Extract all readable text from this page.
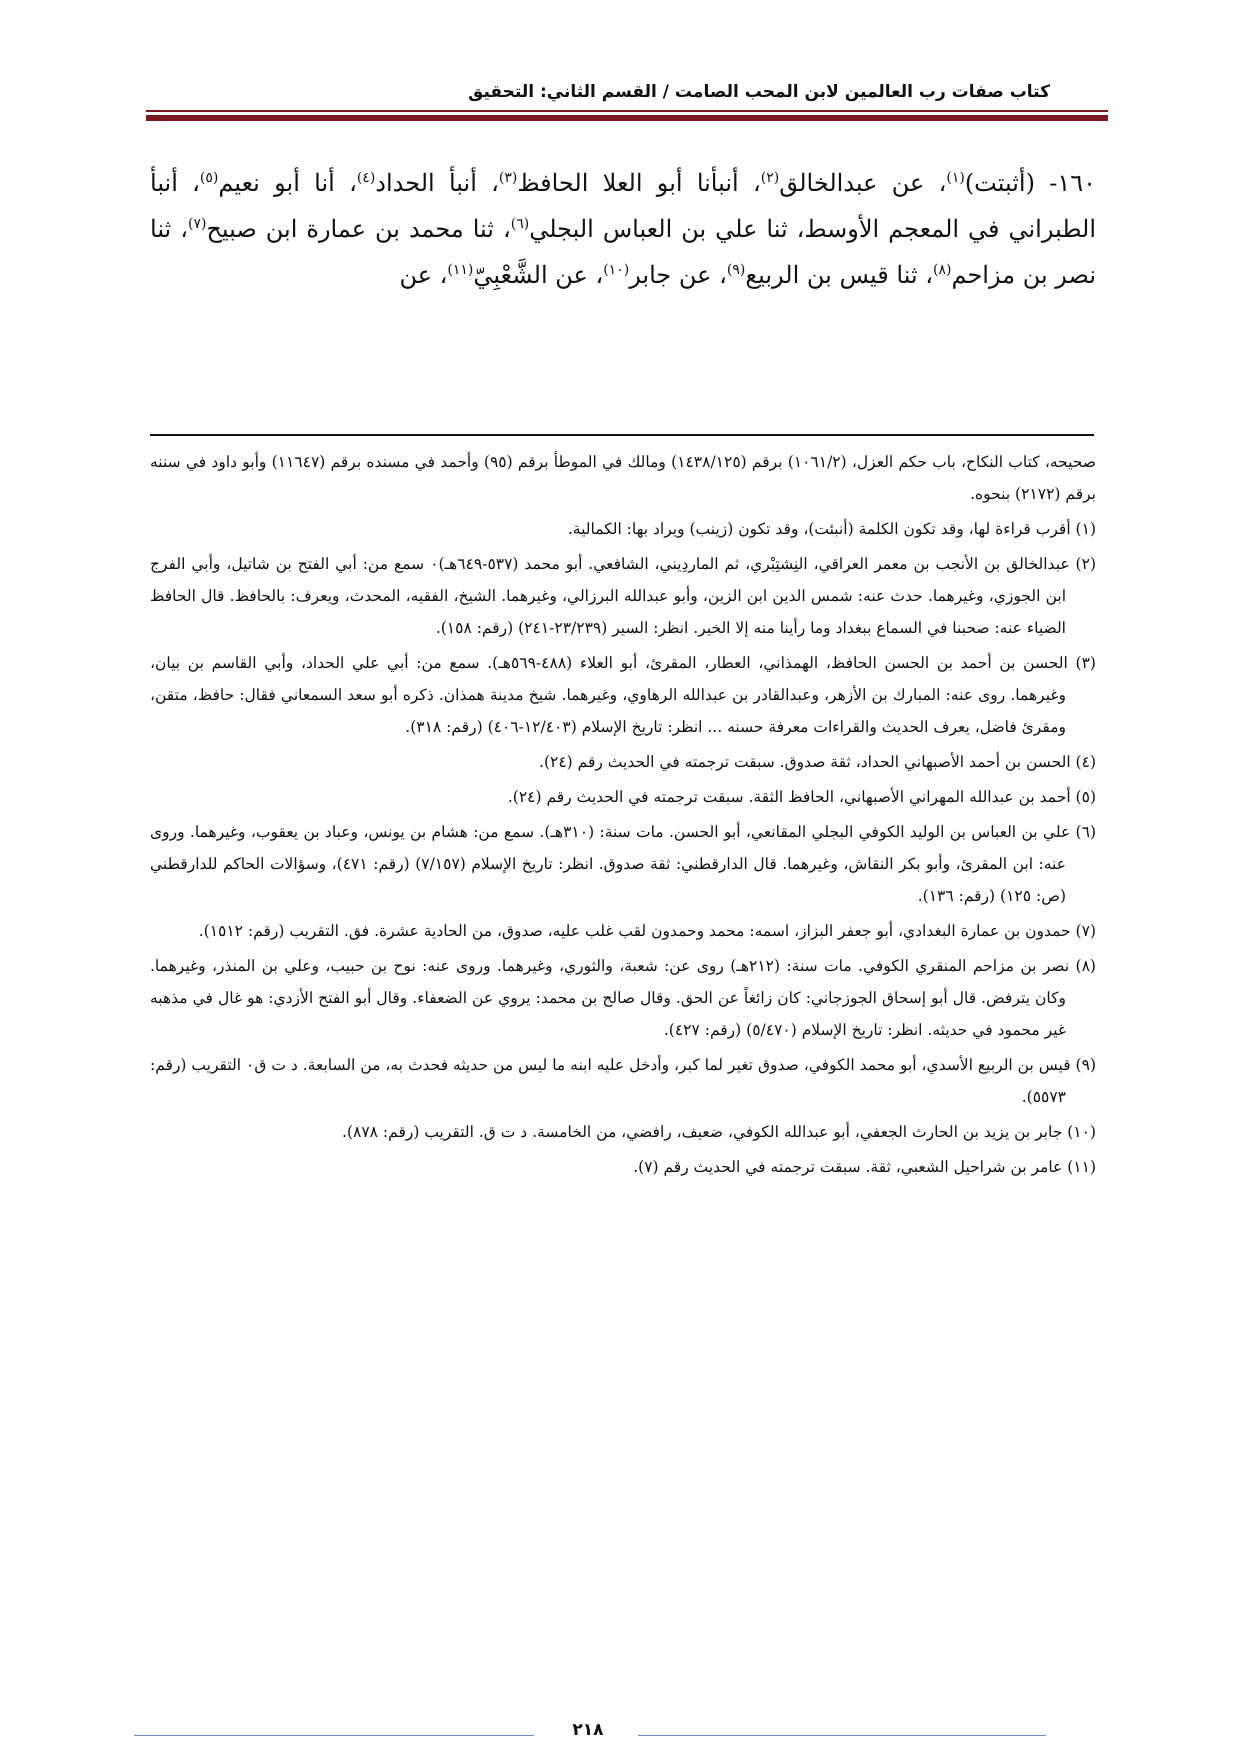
كتاب صفات رب العالمين لابن المحب الصامت / القسم الثاني: التحقيق

١٦٠- (أثبتت)$^{(١)}$، عن عبدالخالق$^{(٢)}$، أنبأنا أبو العلا الحافظ$^{(٣)}$، أنبأ الحداد$^{(٤)}$، أنا أبو نعيم$^{(٥)}$، أنبأ الطبراني في المعجم الأوسط، ثنا علي بن العباس البجلي$^{(٦)}$، ثنا محمد بن عمارة ابن صبيح$^{(٧)}$، ثنا نصر بن مزاحم$^{(٨)}$، ثنا قيس بن الربيع$^{(٩)}$، عن جابر$^{(١٠)}$، عن الشَّعْبِيّ$^{(١١)}$، عن

صحيحه، كتاب النكاح، باب حكم العزل، (١٠٦١/٢) برقم (١٤٣٨/١٢٥) ومالك في الموطأ برقم (٩٥) وأحمد في مسنده برقم (١١٦٤٧) وأبو داود في سننه برقم (٢١٧٢) بنحوه.

(١) أقرب قراءة لها، وقد تكون الكلمة (أنبئت)، وقد تكون (زينب) ويراد بها: الكمالية.

(٢) عبدالخالق بن الأنجب بن معمر العراقي، النِشتِبْري، ثم الماردِيني، الشافعي. أبو محمد (٥٣٧-٦٤٩هـ)٠ سمع من: أبي الفتح بن شاتيل، وأبي الفرج ابن الجوزي، وغيرهما. حدث عنه: شمس الدين ابن الزين، وأبو عبدالله البرزالي، وغيرهما. الشيخ، الفقيه، المحدث، ويعرف: بالحافظ. قال الحافظ الضياء عنه: صحبنا في السماع ببغداد وما رأينا منه إلا الخير. انظر: السير (٢٣/٢٣٩-٢٤١) (رقم: ١٥٨).

(٣) الحسن بن أحمد بن الحسن الحافظ، الهمذاني، العطار، المقرئ، أبو العلاء (٤٨٨-٥٦٩هـ). سمع من: أبي علي الحداد، وأبي القاسم بن بيان، وغيرهما. روى عنه: المبارك بن الأزهر، وعبدالقادر بن عبدالله الرهاوي، وغيرهما. شيخ مدينة همذان. ذكره أبو سعد السمعاني فقال: حافظ، متقن، ومقرئ فاضل، يعرف الحديث والقراءات معرفة حسنه ... انظر: تاريخ الإسلام (١٢/٤٠٣-٤٠٦) (رقم: ٣١٨).

(٤) الحسن بن أحمد الأصبهاني الحداد، ثقة صدوق. سبقت ترجمته في الحديث رقم (٢٤).

(٥) أحمد بن عبدالله المهراني الأصبهاني، الحافظ الثقة. سبقت ترجمته في الحديث رقم (٢٤).

(٦) علي بن العباس بن الوليد الكوفي البجلي المقانعي، أبو الحسن. مات سنة: (٣١٠هـ). سمع من: هشام بن يونس، وعباد بن يعقوب، وغيرهما. وروى عنه: ابن المقرئ، وأبو بكر النقاش، وغيرهما. قال الدارقطني: ثقة صدوق. انظر: تاريخ الإسلام (٧/١٥٧) (رقم: ٤٧١)، وسؤالات الحاكم للدارقطني (ص: ١٢٥) (رقم: ١٣٦).

(٧) حمدون بن عمارة البغدادي، أبو جعفر البزاز، اسمه: محمد وحمدون لقب غلب عليه، صدوق، من الحادية عشرة. فق. التقريب (رقم: ١٥١٢).

(٨) نصر بن مزاحم المنقري الكوفي. مات سنة: (٢١٢هـ) روى عن: شعبة، والثوري، وغيرهما. وروى عنه: نوح بن حبيب، وعلي بن المنذر، وغيرهما. وكان يترفض. قال أبو إسحاق الجوزجاني: كان زائغاً عن الحق. وقال صالح بن محمد: يروي عن الضعفاء. وقال أبو الفتح الأزدي: هو غال في مذهبه غير محمود في حديثه. انظر: تاريخ الإسلام (٥/٤٧٠) (رقم: ٤٢٧).

(٩) قيس بن الربيع الأسدي، أبو محمد الكوفي، صدوق تغير لما كبر، وأدخل عليه ابنه ما ليس من حديثه فحدث به، من السابعة. د ت ق٠ التقريب (رقم: ٥٥٧٣).

(١٠) جابر بن يزيد بن الحارث الجعفي، أبو عبدالله الكوفي، ضعيف، رافضي، من الخامسة. د ت ق. التقريب (رقم: ٨٧٨).

(١١) عامر بن شراحيل الشعبي، ثقة. سبقت ترجمته في الحديث رقم (٧).

٢١٨
